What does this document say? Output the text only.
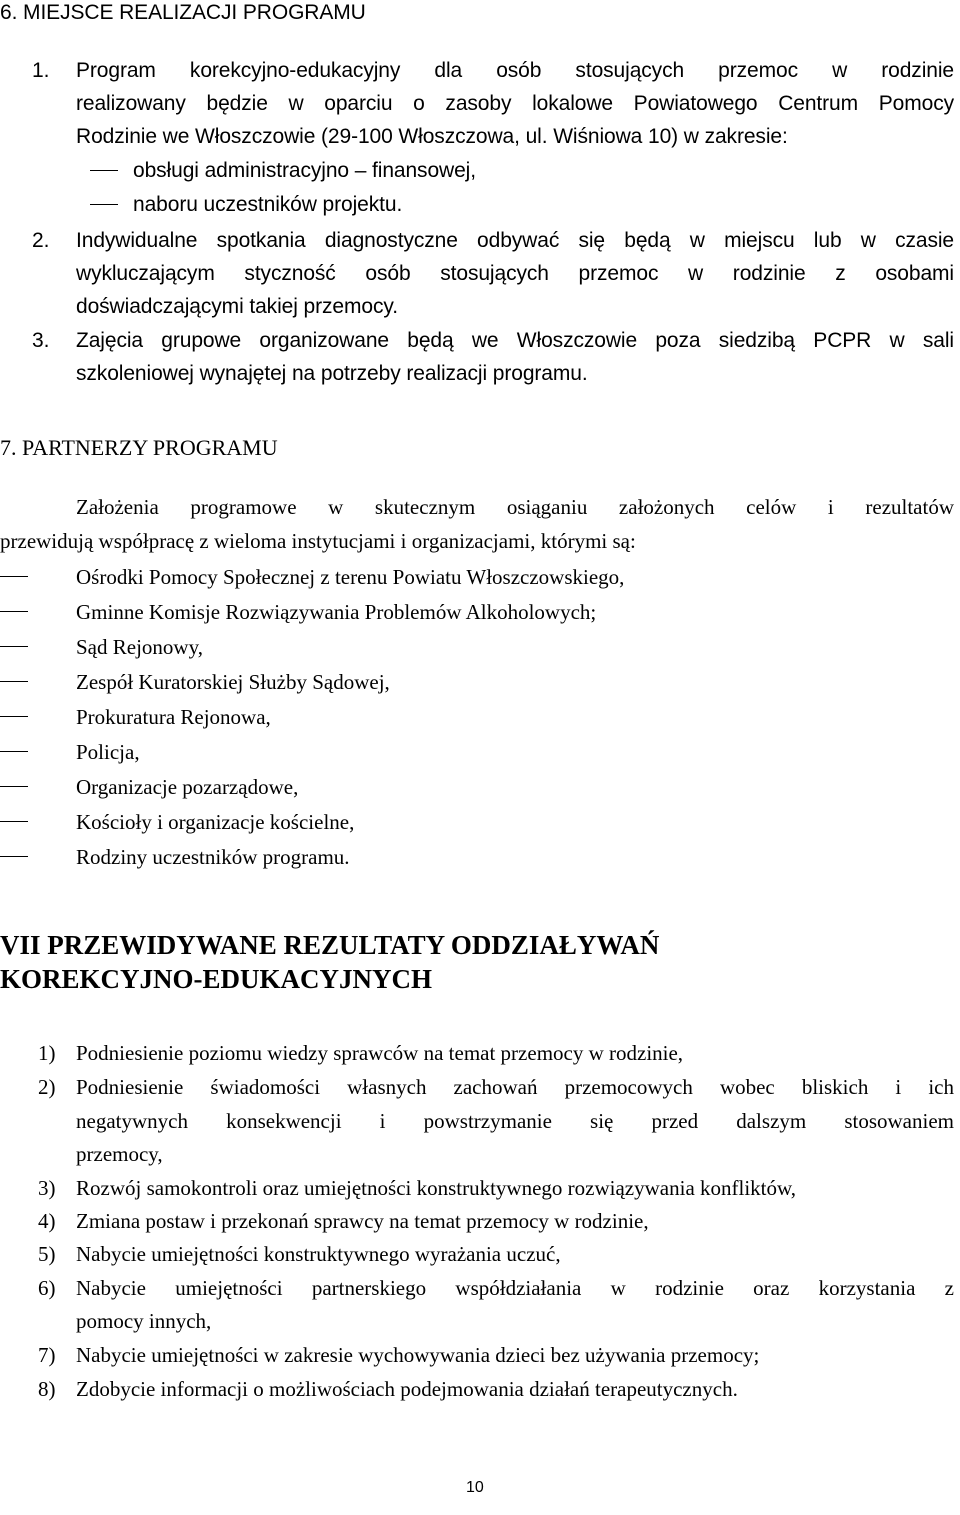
6. MIEJSCE REALIZACJI PROGRAMU
1. Program korekcyjno-edukacyjny dla osób stosujących przemoc w rodzinie
realizowany będzie w oparciu o zasoby lokalowe Powiatowego Centrum Pomocy
Rodzinie we Włoszczowie (29-100 Włoszczowa, ul. Wiśniowa 10) w zakresie:
obsługi administracyjno – finansowej,
naboru uczestników projektu.
2. Indywidualne spotkania diagnostyczne odbywać się będą w miejscu lub w czasie
wykluczającym styczność osób stosujących przemoc w rodzinie z osobami
doświadczającymi takiej przemocy.
3. Zajęcia grupowe organizowane będą we Włoszczowie poza siedzibą PCPR w sali
szkoleniowej wynajętej na potrzeby realizacji programu.
7. PARTNERZY PROGRAMU
Założenia programowe w skutecznym osiąganiu założonych celów i rezultatów
przewidują współpracę z wieloma instytucjami i organizacjami, którymi są:
Ośrodki Pomocy Społecznej z terenu Powiatu Włoszczowskiego,
Gminne Komisje Rozwiązywania Problemów Alkoholowych;
Sąd Rejonowy,
Zespół Kuratorskiej Służby Sądowej,
Prokuratura Rejonowa,
Policja,
Organizacje pozarządowe,
Kościoły i organizacje kościelne,
Rodziny uczestników programu.
VII PRZEWIDYWANE REZULTATY ODDZIAŁYWAŃ
KOREKCYJNO-EDUKACYJNYCH
1) Podniesienie poziomu wiedzy sprawców na temat przemocy w rodzinie,
2) Podniesienie świadomości własnych zachowań przemocowych wobec bliskich i ich
negatywnych konsekwencji i powstrzymanie się przed dalszym stosowaniem
przemocy,
3) Rozwój samokontroli oraz umiejętności konstruktywnego rozwiązywania konfliktów,
4) Zmiana postaw i przekonań sprawcy na temat przemocy w rodzinie,
5) Nabycie umiejętności konstruktywnego wyrażania uczuć,
6) Nabycie umiejętności partnerskiego współdziałania w rodzinie oraz korzystania z
pomocy innych,
7) Nabycie umiejętności w zakresie wychowywania dzieci bez używania przemocy;
8) Zdobycie informacji o możliwościach podejmowania działań terapeutycznych.
10
